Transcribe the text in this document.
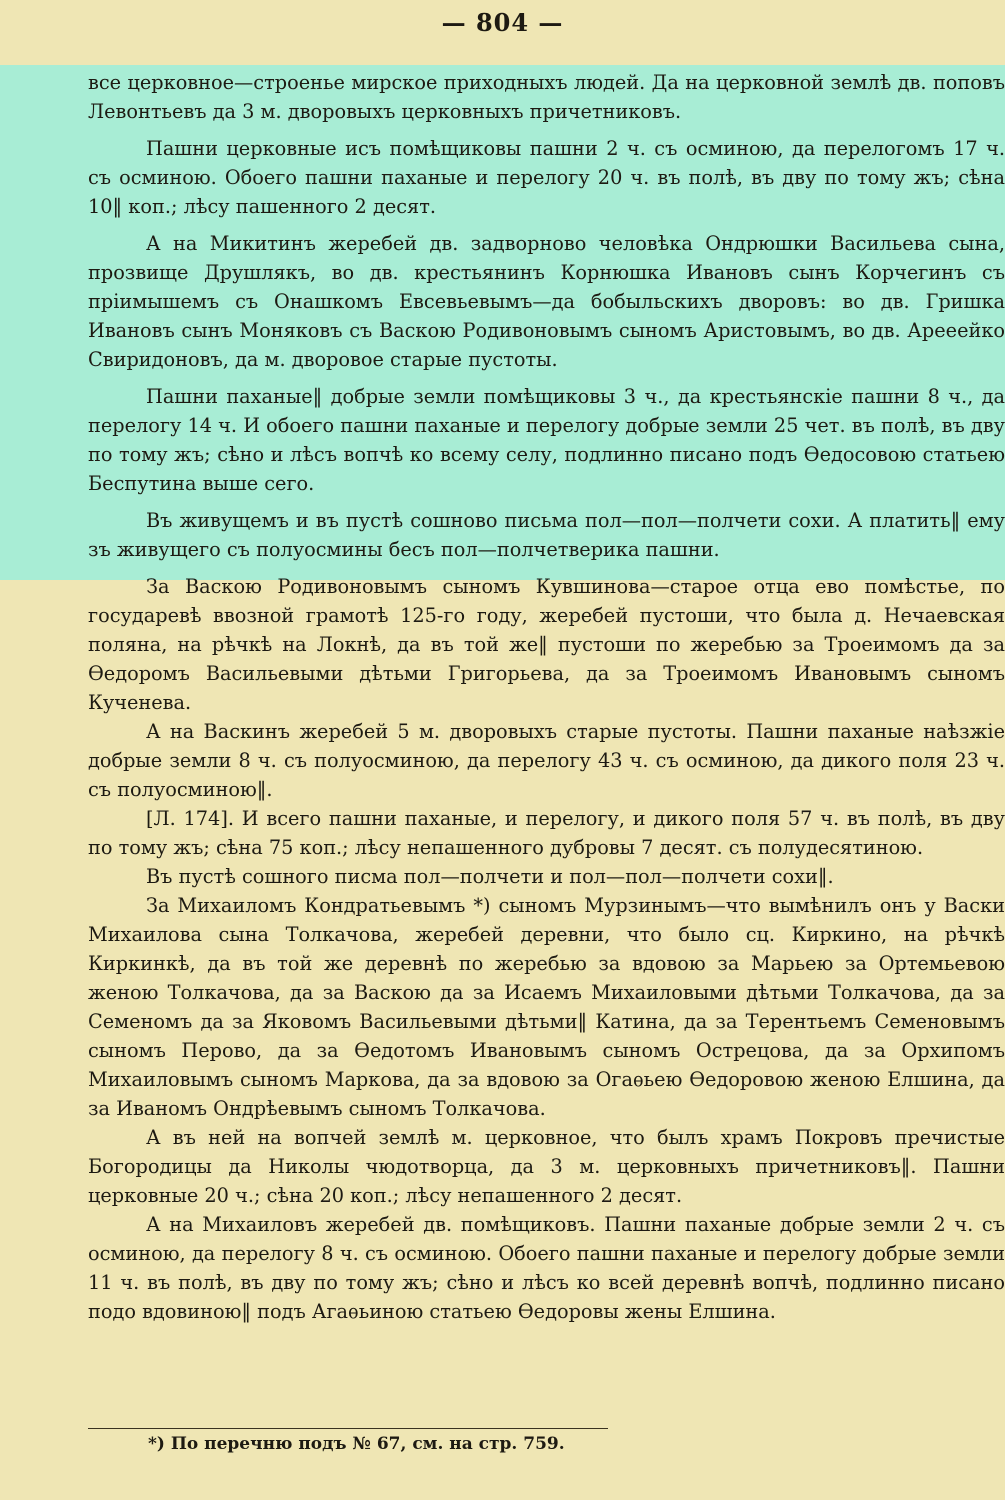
— 804 —

все церковное—строенье мирское приходныхъ людей. Да на церковной землѣ дв. поповъ Левонтьевъ да 3 м. дворовыхъ церковныхъ причетниковъ.

Пашни церковные исъ помѣщиковы пашни 2 ч. съ осминою, да перелогомъ 17 ч. съ осминою. Обоего пашни паханые и перелогу 20 ч. въ полѣ, въ дву по тому жъ; сѣна 10‖ коп.; лѣсу пашенного 2 десят.

А на Микитинъ жеребей дв. задворново человѣка Ондрюшки Васильева сына, прозвище Друшлякъ, во дв. крестьянинъ Корнюшка Ивановъ сынъ Корчегинъ съ прiимышемъ съ Онашкомъ Евсевьевымъ—да бобыльскихъ дворовъ: во дв. Гришка Ивановъ сынъ Моняковъ съ Васкою Родивоновымъ сыномъ Аристовымъ, во дв. Арееейко Свиридоновъ, да м. дворовое старые пустоты.

Пашни паханые‖ добрые земли помѣщиковы 3 ч., да крестьянскiе пашни 8 ч., да перелогу 14 ч. И обоего пашни паханые и перелогу добрые земли 25 чет. въ полѣ, въ дву по тому жъ; сѣно и лѣсъ вопчѣ ко всему селу, подлинно писано подъ Ѳедосовою статьею Беспутина выше сего.

Въ живущемъ и въ пустѣ сошново письма пол—пол—полчети сохи. А платить‖ ему зъ живущего съ полуосмины бесъ пол—полчетверика пашни.

За Васкою Родивоновымъ сыномъ Кувшинова—старое отца ево помѣстье, по государевѣ ввозной грамотѣ 125-го году, жеребей пустоши, что была д. Нечаевская поляна, на рѣчкѣ на Локнѣ, да въ той же‖ пустоши по жеребью за Троеимомъ да за Ѳедоромъ Васильевыми дѣтьми Григорьева, да за Троеимомъ Ивановымъ сыномъ Кученева.

А на Васкинъ жеребей 5 м. дворовыхъ старые пустоты. Пашни паханые наѣзжiе добрые земли 8 ч. съ полуосминою, да перелогу 43 ч. съ осминою, да дикого поля 23 ч. съ полуосминою‖.

[Л. 174]. И всего пашни паханые, и перелогу, и дикого поля 57 ч. въ полѣ, въ дву по тому жъ; сѣна 75 коп.; лѣсу непашенного дубровы 7 десят. съ полудесятиною.

Въ пустѣ сошного писма пол—полчети и пол—пол—полчети сохи‖.

За Михаиломъ Кондратьевымъ *) сыномъ Мурзинымъ—что вымѣнилъ онъ у Васки Михаилова сына Толкачова, жеребей деревни, что было сц. Киркино, на рѣчкѣ Киркинкѣ, да въ той же деревнѣ по жеребью за вдовою за Марьею за Ортемьевою женою Толкачова, да за Васкою да за Исаемъ Михаиловыми дѣтьми Толкачова, да за Семеномъ да за Яковомъ Васильевыми дѣтьми‖ Катина, да за Терентьемъ Семеновымъ сыномъ Перово, да за Ѳедотомъ Ивановымъ сыномъ Острецова, да за Орхипомъ Михаиловымъ сыномъ Маркова, да за вдовою за Огаѳьею Ѳедоровою женою Елшина, да за Иваномъ Ондрѣевымъ сыномъ Толкачова.

А въ ней на вопчей землѣ м. церковное, что былъ храмъ Покровъ пречистые Богородицы да Николы чюдотворца, да 3 м. церковныхъ причетниковъ‖. Пашни церковные 20 ч.; сѣна 20 коп.; лѣсу непашенного 2 десят.

А на Михаиловъ жеребей дв. помѣщиковъ. Пашни паханые добрые земли 2 ч. съ осминою, да перелогу 8 ч. съ осминою. Обоего пашни паханые и перелогу добрые земли 11 ч. въ полѣ, въ дву по тому жъ; сѣно и лѣсъ ко всей деревнѣ вопчѣ, подлинно писано подо вдовиною‖ подъ Агаѳьиною статьею Ѳедоровы жены Елшина.

*) По перечню подъ № 67, см. на стр. 759.
